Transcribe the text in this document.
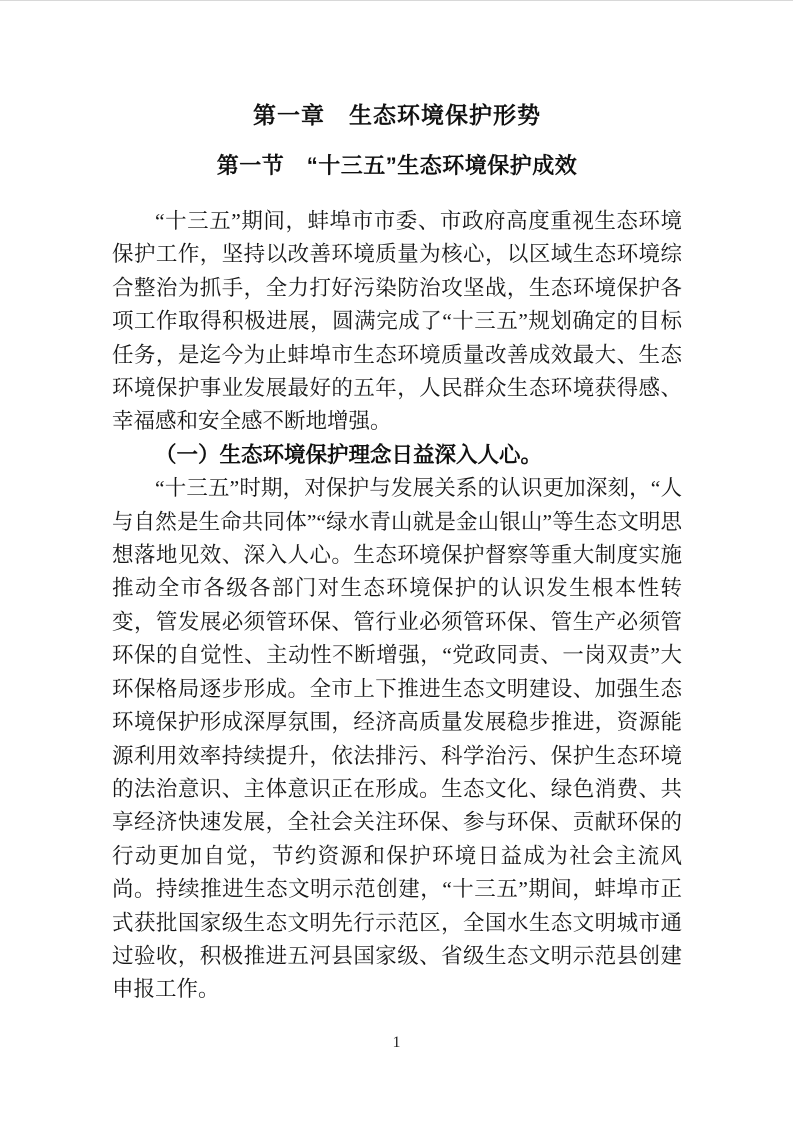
第一章　生态环境保护形势
第一节　“十三五”生态环境保护成效

“十三五”期间，蚌埠市市委、市政府高度重视生态环境保护工作，坚持以改善环境质量为核心，以区域生态环境综合整治为抓手，全力打好污染防治攻坚战，生态环境保护各项工作取得积极进展，圆满完成了“十三五”规划确定的目标任务，是迄今为止蚌埠市生态环境质量改善成效最大、生态环境保护事业发展最好的五年，人民群众生态环境获得感、幸福感和安全感不断地增强。

（一）生态环境保护理念日益深入人心。

“十三五”时期，对保护与发展关系的认识更加深刻，“人与自然是生命共同体”“绿水青山就是金山银山”等生态文明思想落地见效、深入人心。生态环境保护督察等重大制度实施推动全市各级各部门对生态环境保护的认识发生根本性转变，管发展必须管环保、管行业必须管环保、管生产必须管环保的自觉性、主动性不断增强，“党政同责、一岗双责”大环保格局逐步形成。全市上下推进生态文明建设、加强生态环境保护形成深厚氛围，经济高质量发展稳步推进，资源能源利用效率持续提升，依法排污、科学治污、保护生态环境的法治意识、主体意识正在形成。生态文化、绿色消费、共享经济快速发展，全社会关注环保、参与环保、贡献环保的行动更加自觉，节约资源和保护环境日益成为社会主流风尚。持续推进生态文明示范创建，“十三五”期间，蚌埠市正式获批国家级生态文明先行示范区，全国水生态文明城市通过验收，积极推进五河县国家级、省级生态文明示范县创建申报工作。

1
